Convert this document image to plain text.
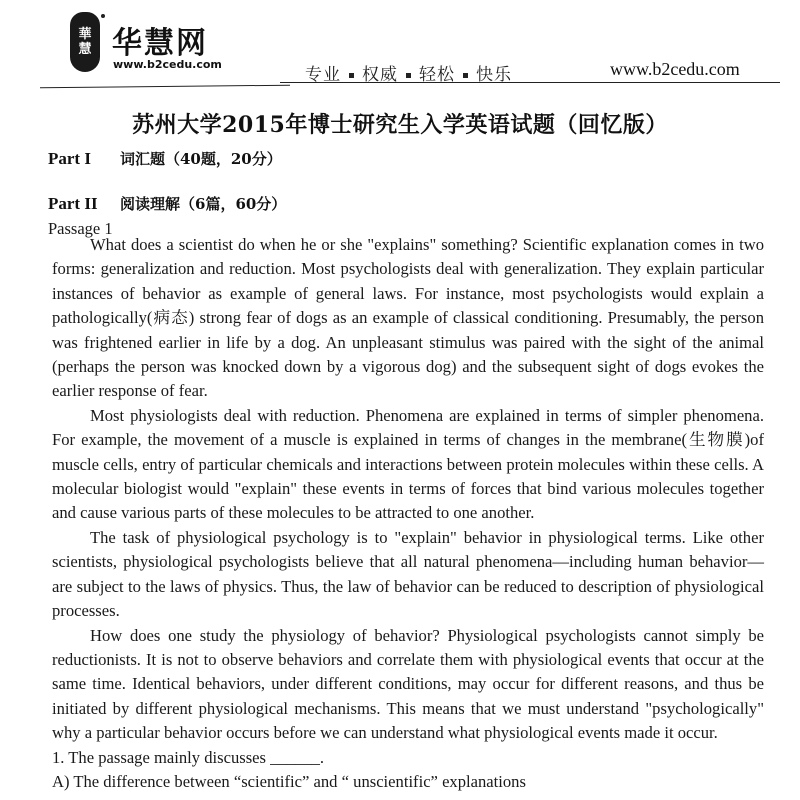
華
慧 华慧网
www.b2cedu.com
专业 权威 轻松 快乐	www.b2cedu.com
苏州大学2015年博士研究生入学英语试题（回忆版）
Part I 词汇题（40题，20分）
Part II 阅读理解（6篇，60分）
Passage 1

What does a scientist do when he or she "explains" something? Scientific explanation comes in two forms: generalization and reduction. Most psychologists deal with generalization. They explain particular instances of behavior as example of general laws. For instance, most psychologists would explain a pathologically(病态) strong fear of dogs as an example of classical conditioning. Presumably, the person was frightened earlier in life by a dog. An unpleasant stimulus was paired with the sight of the animal (perhaps the person was knocked down by a vigorous dog) and the subsequent sight of dogs evokes the earlier response of fear.

Most physiologists deal with reduction. Phenomena are explained in terms of simpler phenomena. For example, the movement of a muscle is explained in terms of changes in the membrane(生物膜)of muscle cells, entry of particular chemicals and interactions between protein molecules within these cells. A molecular biologist would "explain" these events in terms of forces that bind various molecules together and cause various parts of these molecules to be attracted to one another.

The task of physiological psychology is to "explain" behavior in physiological terms. Like other scientists, physiological psychologists believe that all natural phenomena—including human behavior—are subject to the laws of physics. Thus, the law of behavior can be reduced to description of physiological processes.

How does one study the physiology of behavior? Physiological psychologists cannot simply be reductionists. It is not to observe behaviors and correlate them with physiological events that occur at the same time. Identical behaviors, under different conditions, may occur for different reasons, and thus be initiated by different physiological mechanisms. This means that we must understand "psychologically" why a particular behavior occurs before we can understand what physiological events made it occur.

1. The passage mainly discusses ______.
A) The difference between “scientific” and “ unscientific” explanations
